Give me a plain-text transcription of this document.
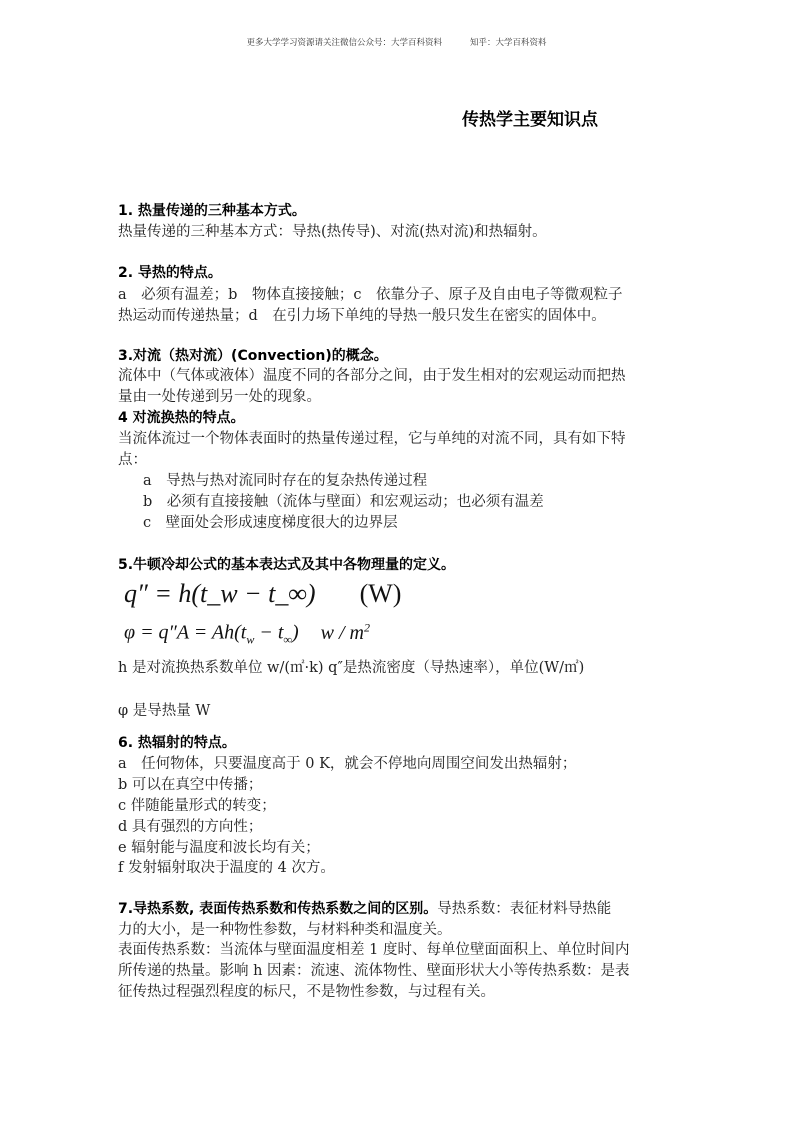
更多大学学习资源请关注微信公众号：大学百科资料	知乎：大学百科资料
传热学主要知识点
1. 热量传递的三种基本方式。
热量传递的三种基本方式：导热(热传导)、对流(热对流)和热辐射。
2. 导热的特点。
a　必须有温差；b　物体直接接触；c　依靠分子、原子及自由电子等微观粒子
热运动而传递热量；d　在引力场下单纯的导热一般只发生在密实的固体中。
3.对流（热对流）(Convection)的概念。
流体中（气体或液体）温度不同的各部分之间，由于发生相对的宏观运动而把热
量由一处传递到另一处的现象。
4 对流换热的特点。
当流体流过一个物体表面时的热量传递过程，它与单纯的对流不同，具有如下特
点：
a　导热与热对流同时存在的复杂热传递过程
b　必须有直接接触（流体与壁面）和宏观运动；也必须有温差
c　壁面处会形成速度梯度很大的边界层
5.牛顿冷却公式的基本表达式及其中各物理量的定义。
q″ = h(t_w − t_∞) (W)
$\varphi = q''A = Ah(t_w - t_\infty)$ w / $m^2$
h 是对流换热系数单位 w/(㎡·k) q″是热流密度（导热速率），单位(W/㎡)
φ 是导热量 W
6. 热辐射的特点。
a　任何物体，只要温度高于 0 K，就会不停地向周围空间发出热辐射；
b 可以在真空中传播；
c 伴随能量形式的转变；
d 具有强烈的方向性；
e 辐射能与温度和波长均有关；
f 发射辐射取决于温度的 4 次方。
7.导热系数, 表面传热系数和传热系数之间的区别。导热系数：表征材料导热能
力的大小，是一种物性参数，与材料种类和温度关。
表面传热系数：当流体与壁面温度相差 1 度时、每单位壁面面积上、单位时间内
所传递的热量。影响 h 因素：流速、流体物性、壁面形状大小等传热系数：是表
征传热过程强烈程度的标尺，不是物性参数，与过程有关。
